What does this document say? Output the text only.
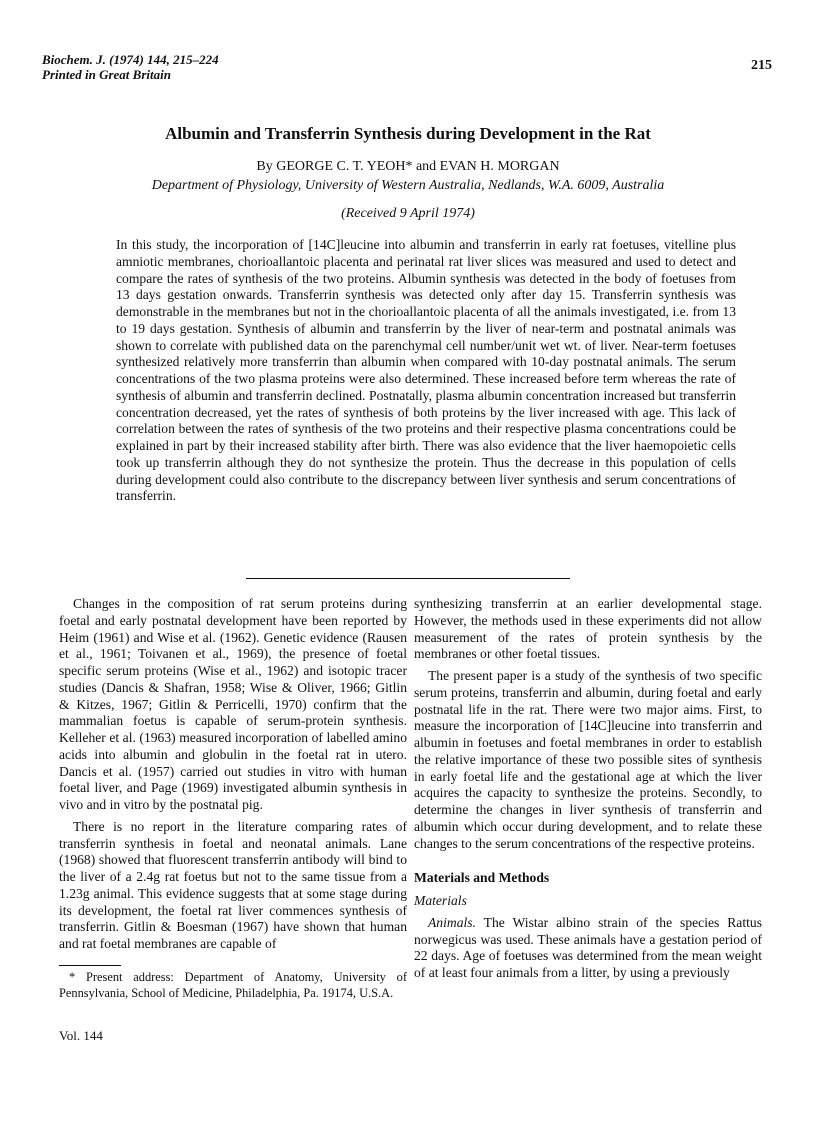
Biochem. J. (1974) 144, 215–224
Printed in Great Britain
215
Albumin and Transferrin Synthesis during Development in the Rat
By GEORGE C. T. YEOH* and EVAN H. MORGAN
Department of Physiology, University of Western Australia, Nedlands, W.A. 6009, Australia
(Received 9 April 1974)

In this study, the incorporation of [14C]leucine into albumin and transferrin in early rat foetuses, vitelline plus amniotic membranes, chorioallantoic placenta and perinatal rat liver slices was measured and used to detect and compare the rates of synthesis of the two proteins. Albumin synthesis was detected in the body of foetuses from 13 days gestation onwards. Transferrin synthesis was detected only after day 15. Transferrin synthesis was demonstrable in the membranes but not in the chorioallantoic placenta of all the animals investigated, i.e. from 13 to 19 days gestation. Synthesis of albumin and transferrin by the liver of near-term and postnatal animals was shown to correlate with published data on the parenchymal cell number/unit wet wt. of liver. Near-term foetuses synthesized relatively more transferrin than albumin when compared with 10-day postnatal animals. The serum concentrations of the two plasma proteins were also determined. These increased before term whereas the rate of synthesis of albumin and transferrin declined. Postnatally, plasma albumin concentration increased but transferrin concentration decreased, yet the rates of synthesis of both proteins by the liver increased with age. This lack of correlation between the rates of synthesis of the two proteins and their respective plasma concentrations could be explained in part by their increased stability after birth. There was also evidence that the liver haemopoietic cells took up transferrin although they do not synthesize the protein. Thus the decrease in this population of cells during development could also contribute to the discrepancy between liver synthesis and serum concentrations of transferrin.

Changes in the composition of rat serum proteins during foetal and early postnatal development have been reported by Heim (1961) and Wise et al. (1962). Genetic evidence (Rausen et al., 1961; Toivanen et al., 1969), the presence of foetal specific serum proteins (Wise et al., 1962) and isotopic tracer studies (Dancis & Shafran, 1958; Wise & Oliver, 1966; Gitlin & Kitzes, 1967; Gitlin & Perricelli, 1970) confirm that the mammalian foetus is capable of serum-protein synthesis. Kelleher et al. (1963) measured incorporation of labelled amino acids into albumin and globulin in the foetal rat in utero. Dancis et al. (1957) carried out studies in vitro with human foetal liver, and Page (1969) investigated albumin synthesis in vivo and in vitro by the postnatal pig.

There is no report in the literature comparing rates of transferrin synthesis in foetal and neonatal animals. Lane (1968) showed that fluorescent transferrin antibody will bind to the liver of a 2.4g rat foetus but not to the same tissue from a 1.23g animal. This evidence suggests that at some stage during its development, the foetal rat liver commences synthesis of transferrin. Gitlin & Boesman (1967) have shown that human and rat foetal membranes are capable of

* Present address: Department of Anatomy, University of Pennsylvania, School of Medicine, Philadelphia, Pa. 19174, U.S.A.

Vol. 144

synthesizing transferrin at an earlier developmental stage. However, the methods used in these experiments did not allow measurement of the rates of protein synthesis by the membranes or other foetal tissues.

The present paper is a study of the synthesis of two specific serum proteins, transferrin and albumin, during foetal and early postnatal life in the rat. There were two major aims. First, to measure the incorporation of [14C]leucine into transferrin and albumin in foetuses and foetal membranes in order to establish the relative importance of these two possible sites of synthesis in early foetal life and the gestational age at which the liver acquires the capacity to synthesize the proteins. Secondly, to determine the changes in liver synthesis of transferrin and albumin which occur during development, and to relate these changes to the serum concentrations of the respective proteins.

Materials and Methods

Materials

Animals. The Wistar albino strain of the species Rattus norwegicus was used. These animals have a gestation period of 22 days. Age of foetuses was determined from the mean weight of at least four animals from a litter, by using a previously
